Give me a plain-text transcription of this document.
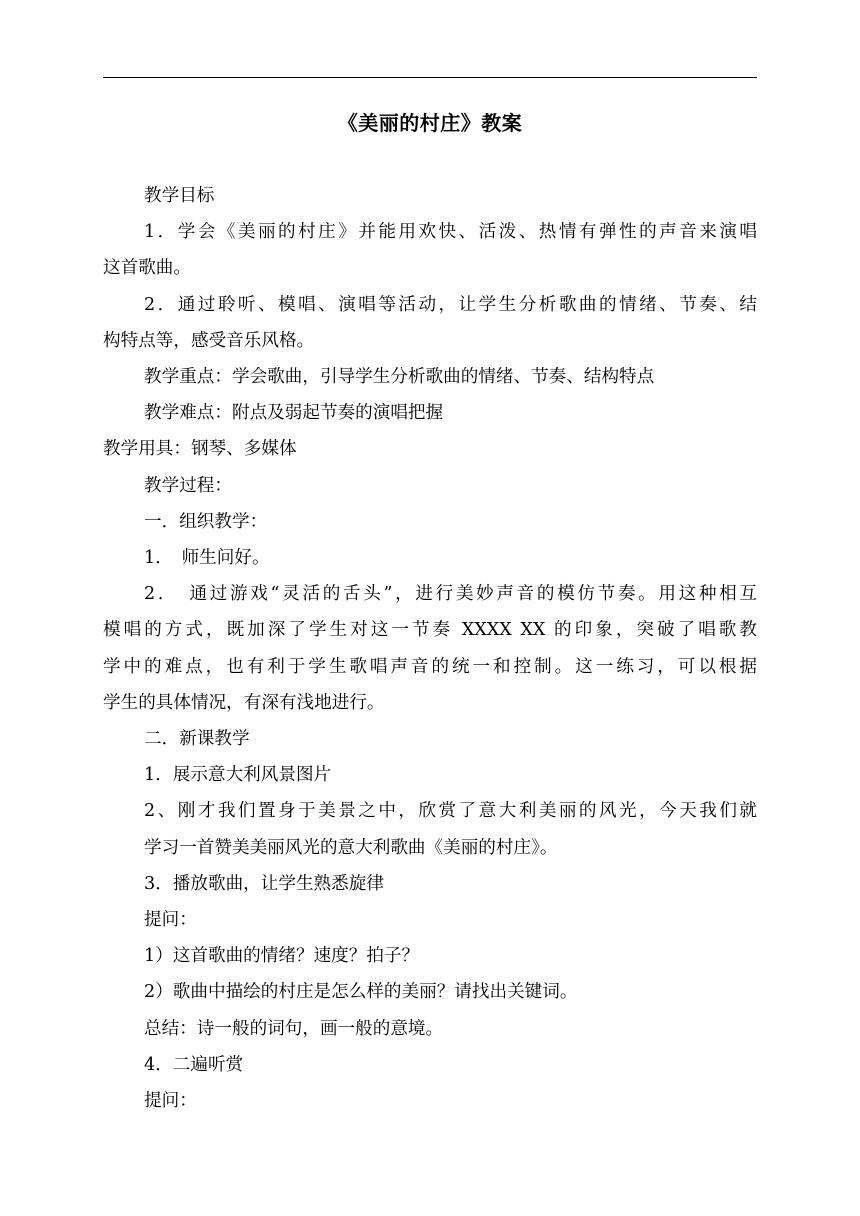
《美丽的村庄》教案

教学目标

1．学会《美丽的村庄》并能用欢快、活泼、热情有弹性的声音来演唱

这首歌曲。

2．通过聆听、模唱、演唱等活动，让学生分析歌曲的情绪、节奏、结

构特点等，感受音乐风格。

教学重点：学会歌曲，引导学生分析歌曲的情绪、节奏、结构特点

教学难点：附点及弱起节奏的演唱把握

教学用具：钢琴、多媒体

教学过程：

一．组织教学：

1．　师生问好。

2．　通过游戏“灵活的舌头”，进行美妙声音的模仿节奏。用这种相互

模唱的方式，既加深了学生对这一节奏 XXXX XX 的印象，突破了唱歌教

学中的难点，也有利于学生歌唱声音的统一和控制。这一练习，可以根据

学生的具体情况，有深有浅地进行。

二．新课教学

1．展示意大利风景图片

2、刚才我们置身于美景之中，欣赏了意大利美丽的风光，今天我们就

学习一首赞美美丽风光的意大利歌曲《美丽的村庄》。

3．播放歌曲，让学生熟悉旋律

提问：

1）这首歌曲的情绪？速度？拍子？

2）歌曲中描绘的村庄是怎么样的美丽？请找出关键词。

总结：诗一般的词句，画一般的意境。

4．二遍听赏

提问：
